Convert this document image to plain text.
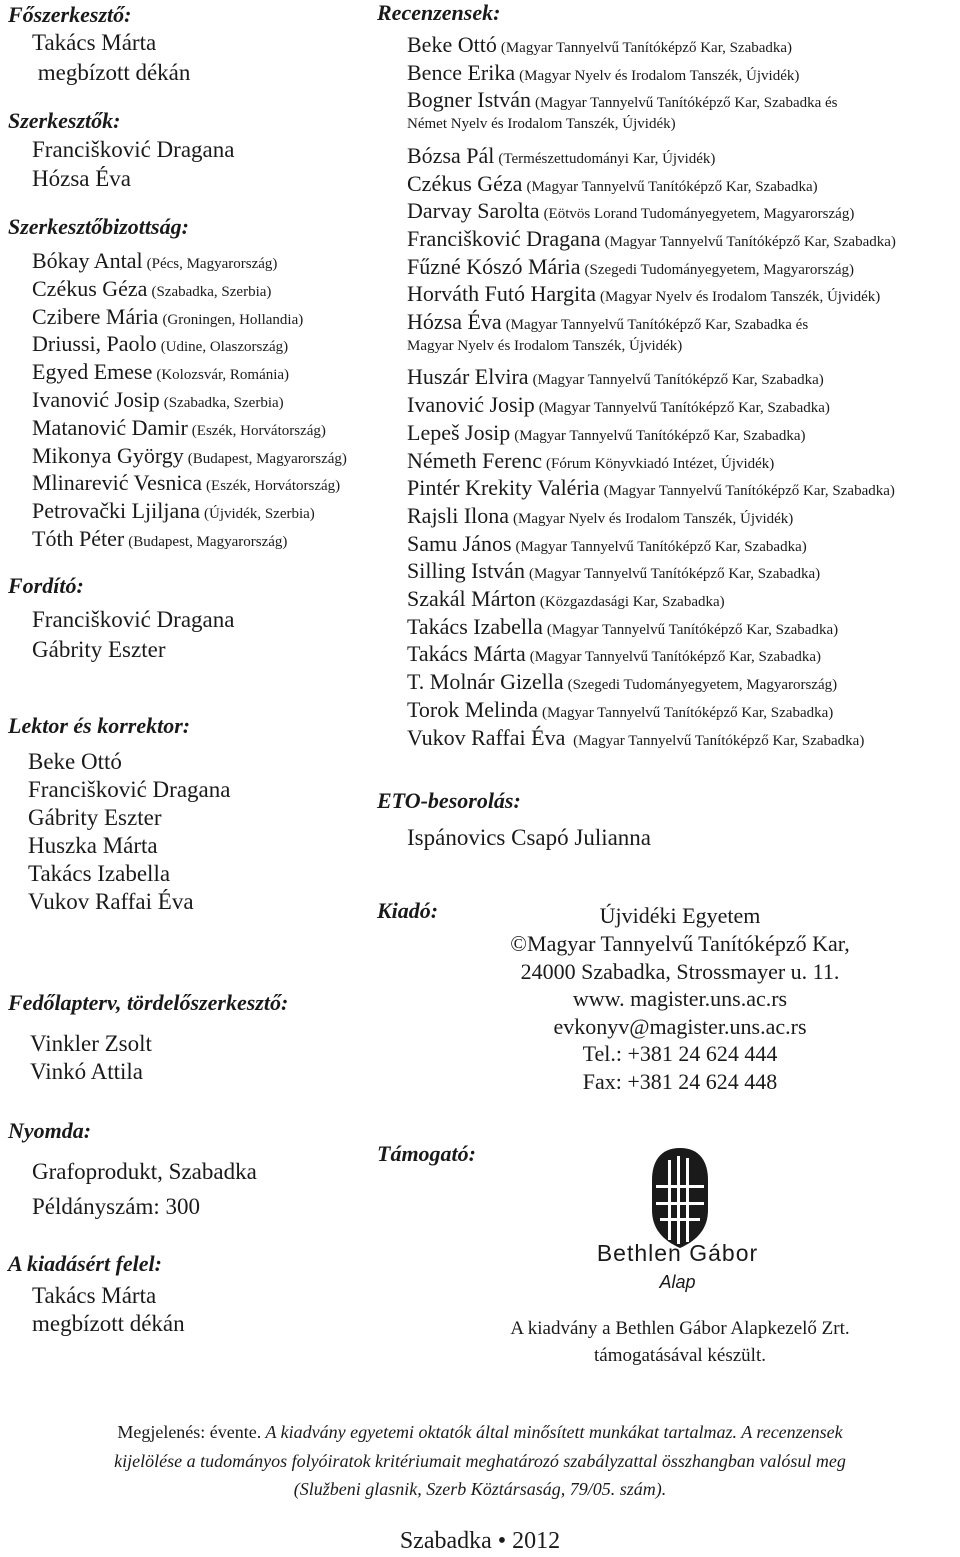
Főszerkesztő:
Takács Márta
megbízott dékán
Szerkesztők:
Francišković Dragana
Hózsa Éva
Szerkesztőbizottság:
Bókay Antal (Pécs, Magyarország)
Czékus Géza (Szabadka, Szerbia)
Czibere Mária (Groningen, Hollandia)
Driussi, Paolo (Udine, Olaszország)
Egyed Emese (Kolozsvár, Románia)
Ivanović Josip (Szabadka, Szerbia)
Matanović Damir (Eszék, Horvátország)
Mikonya György (Budapest, Magyarország)
Mlinarević Vesnica (Eszék, Horvátország)
Petrovački Ljiljana (Újvidék, Szerbia)
Tóth Péter (Budapest, Magyarország)
Fordító:
Francišković Dragana
Gábrity Eszter
Lektor és korrektor:
Beke Ottó
Francišković Dragana
Gábrity Eszter
Huszka Márta
Takács Izabella
Vukov Raffai Éva
Fedőlapterv, tördelőszerkesztő:
Vinkler Zsolt
Vinkó Attila
Nyomda:
Grafoprodukt, Szabadka
Példányszám: 300
A kiadásért felel:
Takács Márta
megbízott dékán
Recenzensek:
Beke Ottó (Magyar Tannyelvű Tanítóképző Kar, Szabadka)
Bence Erika (Magyar Nyelv és Irodalom Tanszék, Újvidék)
Bogner István (Magyar Tannyelvű Tanítóképző Kar, Szabadka és
Német Nyelv és Irodalom Tanszék, Újvidék)
Bózsa Pál (Természettudományi Kar, Újvidék)
Czékus Géza (Magyar Tannyelvű Tanítóképző Kar, Szabadka)
Darvay Sarolta (Eötvös Lorand Tudományegyetem, Magyarország)
Francišković Dragana (Magyar Tannyelvű Tanítóképző Kar, Szabadka)
Fűzné Kószó Mária (Szegedi Tudományegyetem, Magyarország)
Horváth Futó Hargita (Magyar Nyelv és Irodalom Tanszék, Újvidék)
Hózsa Éva (Magyar Tannyelvű Tanítóképző Kar, Szabadka és
Magyar Nyelv és Irodalom Tanszék, Újvidék)
Huszár Elvira (Magyar Tannyelvű Tanítóképző Kar, Szabadka)
Ivanović Josip (Magyar Tannyelvű Tanítóképző Kar, Szabadka)
Lepeš Josip (Magyar Tannyelvű Tanítóképző Kar, Szabadka)
Németh Ferenc (Fórum Könyvkiadó Intézet, Újvidék)
Pintér Krekity Valéria (Magyar Tannyelvű Tanítóképző Kar, Szabadka)
Rajsli Ilona (Magyar Nyelv és Irodalom Tanszék, Újvidék)
Samu János (Magyar Tannyelvű Tanítóképző Kar, Szabadka)
Silling István (Magyar Tannyelvű Tanítóképző Kar, Szabadka)
Szakál Márton (Közgazdasági Kar, Szabadka)
Takács Izabella (Magyar Tannyelvű Tanítóképző Kar, Szabadka)
Takács Márta (Magyar Tannyelvű Tanítóképző Kar, Szabadka)
T. Molnár Gizella (Szegedi Tudományegyetem, Magyarország)
Torok Melinda (Magyar Tannyelvű Tanítóképző Kar, Szabadka)
Vukov Raffai Éva  (Magyar Tannyelvű Tanítóképző Kar, Szabadka)
ETO-besorolás:
Ispánovics Csapó Julianna
Kiadó:	Újvidéki Egyetem
©Magyar Tannyelvű Tanítóképző Kar,
24000 Szabadka, Strossmayer u. 11.
www. magister.uns.ac.rs
evkonyv@magister.uns.ac.rs
Tel.: +381 24 624 444
Fax: +381 24 624 448
Támogató:
Bethlen Gábor
Alap
A kiadvány a Bethlen Gábor Alapkezelő Zrt.
támogatásával készült.
Megjelenés: évente. A kiadvány egyetemi oktatók által minősített munkákat tartalmaz. A recenzensek
kijelölése a tudományos folyóiratok kritériumait meghatározó szabályzattal összhangban valósul meg
(Službeni glasnik, Szerb Köztársaság, 79/05. szám).
Szabadka • 2012
